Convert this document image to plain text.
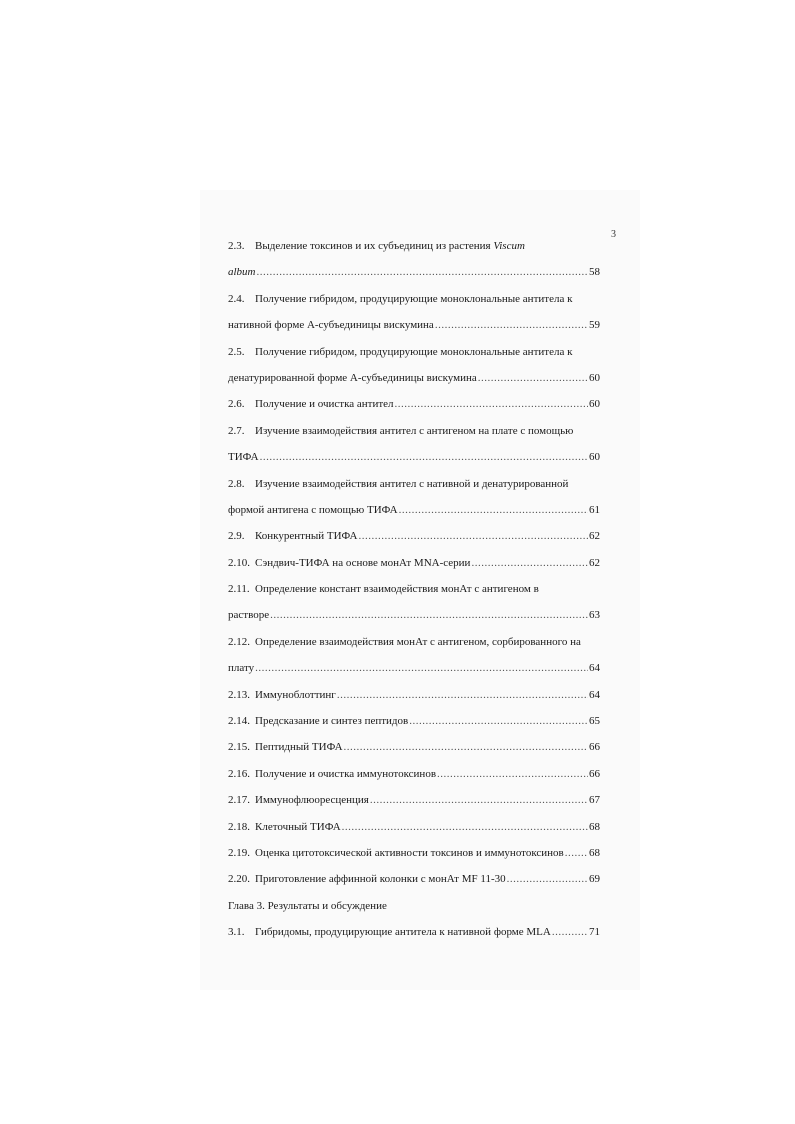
3
2.3. Выделение токсинов и их субъединиц из растения
Viscum
album .....	58
2.4. Получение гибридом, продуцирующие моноклональные антитела к
нативной форме А-субъединицы вискумина .....	59
2.5. Получение гибридом, продуцирующие моноклональные антитела к
денатурированной форме А-субъединицы вискумина .....	60
2.6. Получение и очистка антител .....	60
2.7. Изучение взаимодействия антител с антигеном на плате с помощью
ТИФА .....	60
2.8. Изучение взаимодействия антител с нативной и денатурированной
формой антигена с помощью ТИФА .....	61
2.9. Конкурентный ТИФА .....	62
2.10. Сэндвич-ТИФА на основе монАт MNA-серии .....	62
2.11. Определение констант взаимодействия монАт с антигеном в
растворе .....	63
2.12. Определение взаимодействия монАт с антигеном, сорбированного на
плату .....	64
2.13. Иммуноблоттинг .....	64
2.14. Предсказание и синтез пептидов .....	65
2.15. Пептидный ТИФА .....	66
2.16. Получение и очистка иммунотоксинов .....	66
2.17. Иммунофлюоресценция .....	67
2.18. Клеточный ТИФА .....	68
2.19. Оценка цитотоксической активности токсинов и иммунотоксинов ..... 68
2.20. Приготовление аффинной колонки с монАт MF 11-30 .....	69
Глава 3. Результаты и обсуждение
3.1. Гибридомы, продуцирующие антитела к нативной форме MLA .....	71
